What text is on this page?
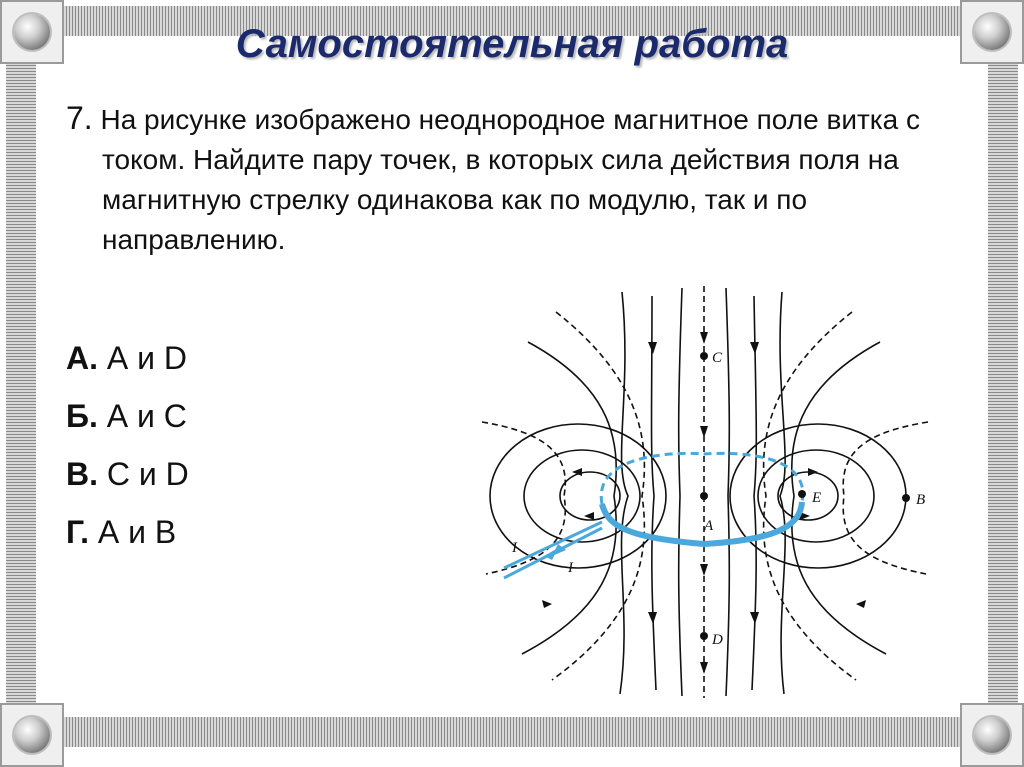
Самостоятельная работа
7. На рисунке изображено неоднородное магнитное поле витка с током. Найдите пару точек, в которых сила действия поля на магнитную стрелку одинакова как по модулю, так и по направлению.
А. А и D
Б. А и С
В. С и D
Г. А и В
C
A
E	B
D
I
I
